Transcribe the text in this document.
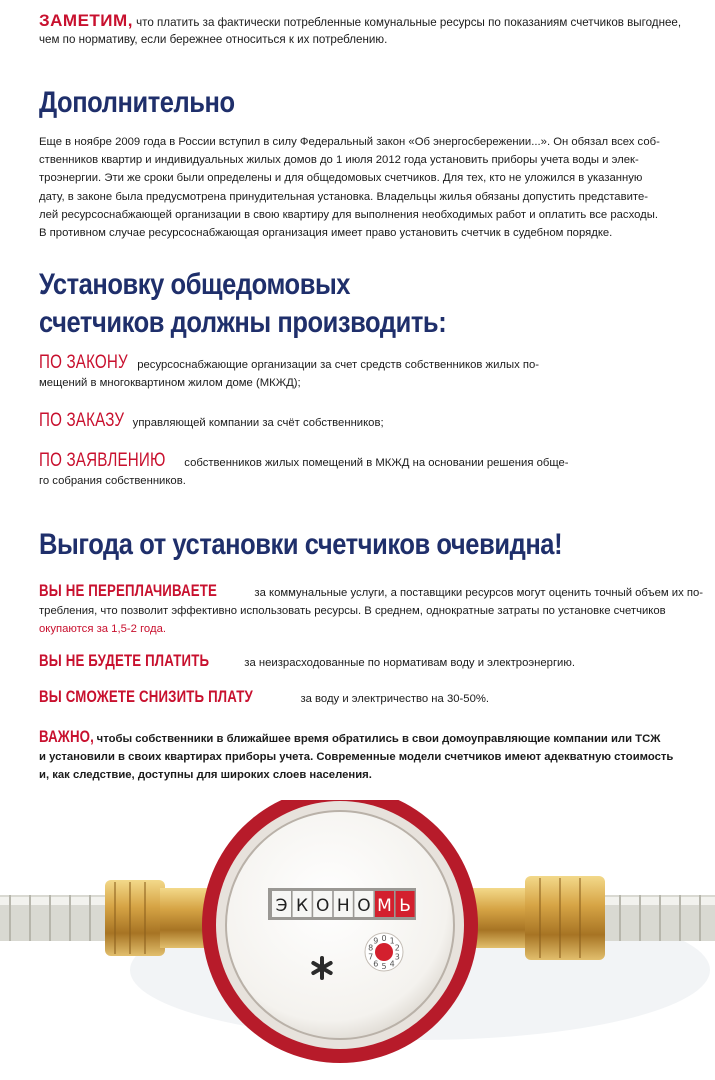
ЗАМЕТИМ, что платить за фактически потребленные комунальные ресурсы по показаниям счетчиков выгоднее,
чем по нормативу, если бережнее относиться к их потреблению.
Дополнительно
Еще в ноябре 2009 года в России вступил в силу Федеральный закон «Об энергосбережении...». Он обязал всех соб-
ственников квартир и индивидуальных жилых домов до 1 июля 2012 года установить приборы учета воды и элек-
троэнергии. Эти же сроки были определены и для общедомовых счетчиков. Для тех, кто не уложился в указанную
дату, в законе была предусмотрена принудительная установка. Владельцы жилья обязаны допустить представите-
лей ресурсоснабжающей организации в свою квартиру для выполнения необходимых работ и оплатить все расходы.
В противном случае ресурсоснабжающая организация имеет право установить счетчик в судебном порядке.
Установку общедомовых
счетчиков должны производить:
ПО ЗАКОНУ ресурсоснабжающие организации за счет средств собственников жилых по-
мещений в многоквартином жилом доме (МКЖД);
ПО ЗАКАЗУ управляющей компании за счёт собственников;
ПО ЗАЯВЛЕНИЮ собственников жилых помещений в МКЖД на основании решения обще-
го собрания собственников.
Выгода от установки счетчиков очевидна!
ВЫ НЕ ПЕРЕПЛАЧИВАЕТЕ	за коммунальные услуги, а поставщики ресурсов могут оценить точный объем их по-
требления, что позволит эффективно использовать ресурсы. В среднем, однократные затраты по установке счетчиков
окупаются за 1,5-2 года.
ВЫ НЕ БУДЕТЕ ПЛАТИТЬ	за неизрасходованные по нормативам воду и электроэнергию.
ВЫ СМОЖЕТЕ СНИЗИТЬ ПЛАТУ	за воду и электричество на 30-50%.
ВАЖНО, чтобы собственники в ближайшее время обратились в свои домоуправляющие компании или ТСЖ
и установили в своих квартирах приборы учета. Современные модели счетчиков имеют адекватную стоимость
и, как следствие, доступны для широких слоев населения.
Э К О Н О М Ь
0 1
2
3
4
5
6
7
8
9
